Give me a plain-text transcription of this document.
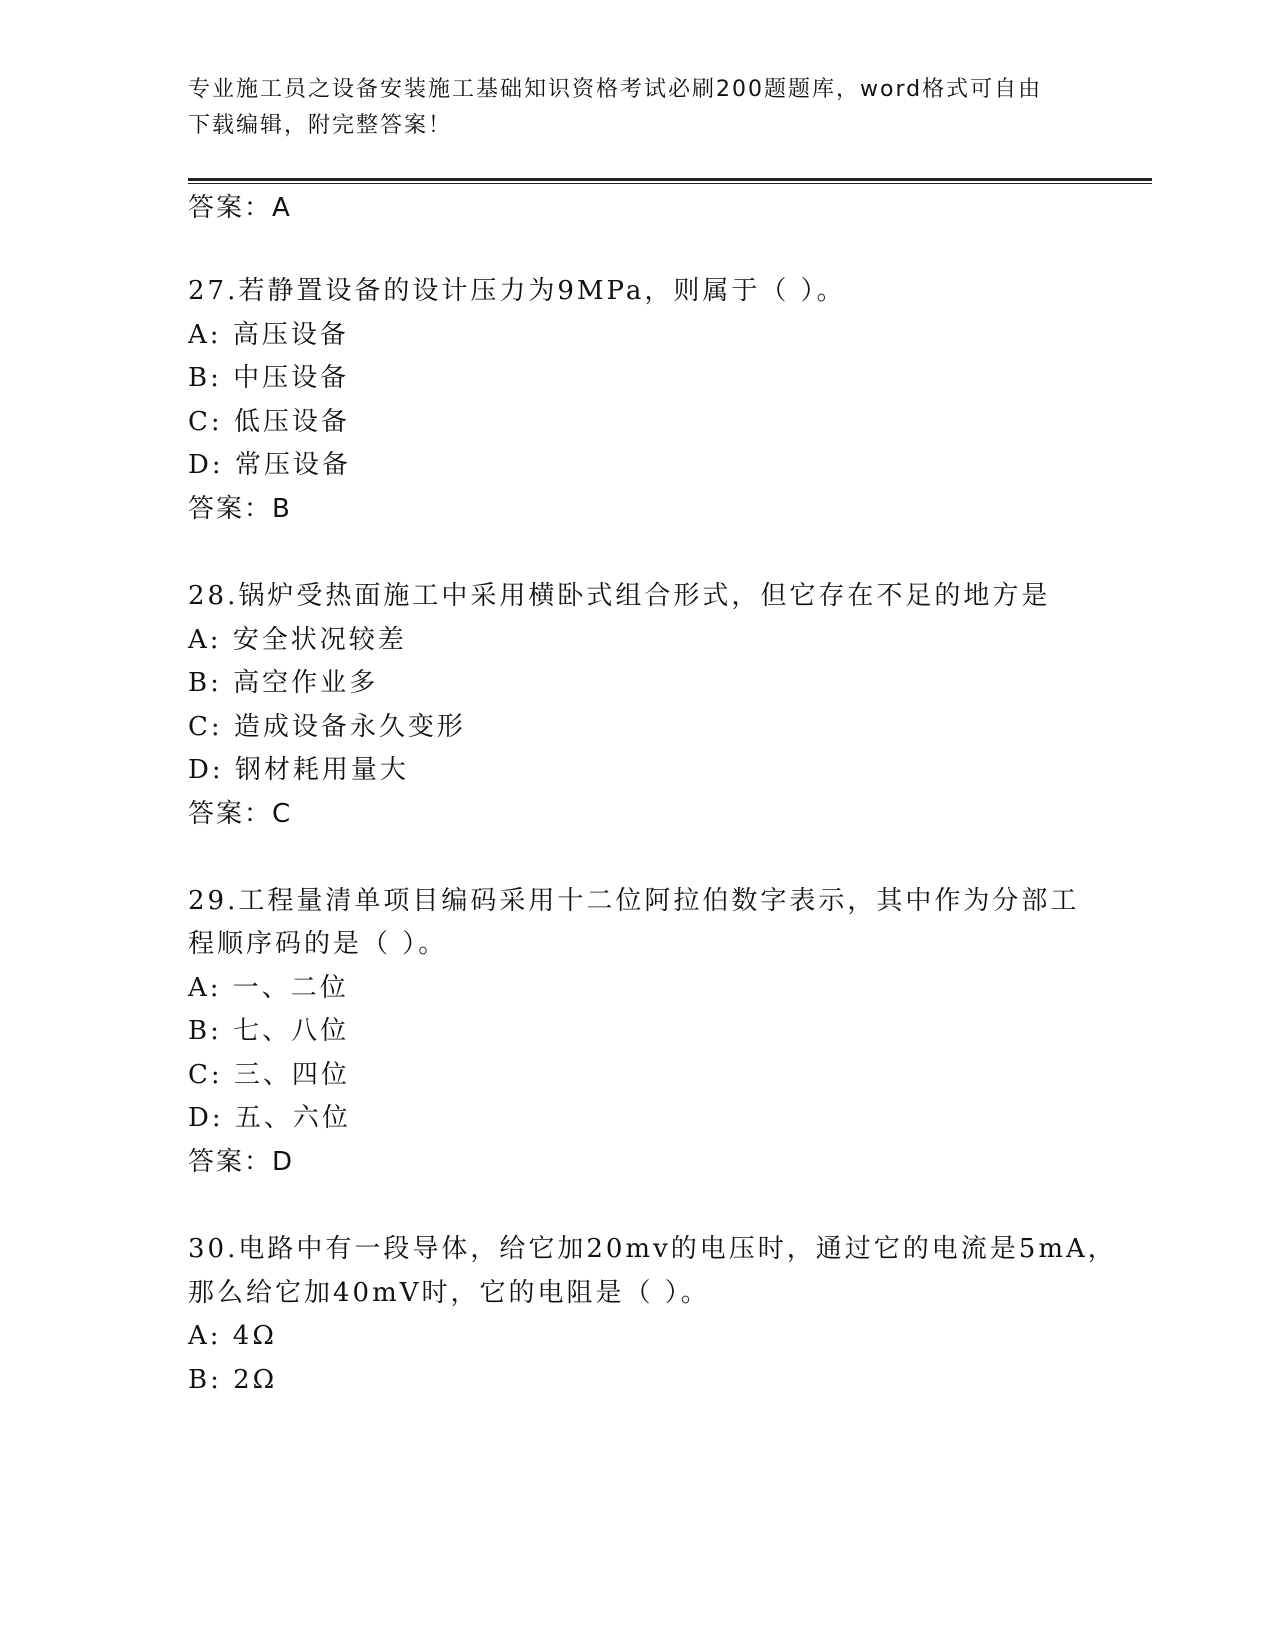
专业施工员之设备安装施工基础知识资格考试必刷200题题库，word格式可自由
下载编辑，附完整答案！
答案：A
27.若静置设备的设计压力为9MPa，则属于（ ）。
A: 高压设备
B: 中压设备
C: 低压设备
D: 常压设备
答案：B
28.锅炉受热面施工中采用横卧式组合形式，但它存在不足的地方是
A: 安全状况较差
B: 高空作业多
C: 造成设备永久变形
D: 钢材耗用量大
答案：C
29.工程量清单项目编码采用十二位阿拉伯数字表示，其中作为分部工
程顺序码的是（ ）。
A: 一、二位
B: 七、八位
C: 三、四位
D: 五、六位
答案：D
30.电路中有一段导体，给它加20mv的电压时，通过它的电流是5mA，
那么给它加40mV时，它的电阻是（ ）。
A: 4Ω
B: 2Ω
